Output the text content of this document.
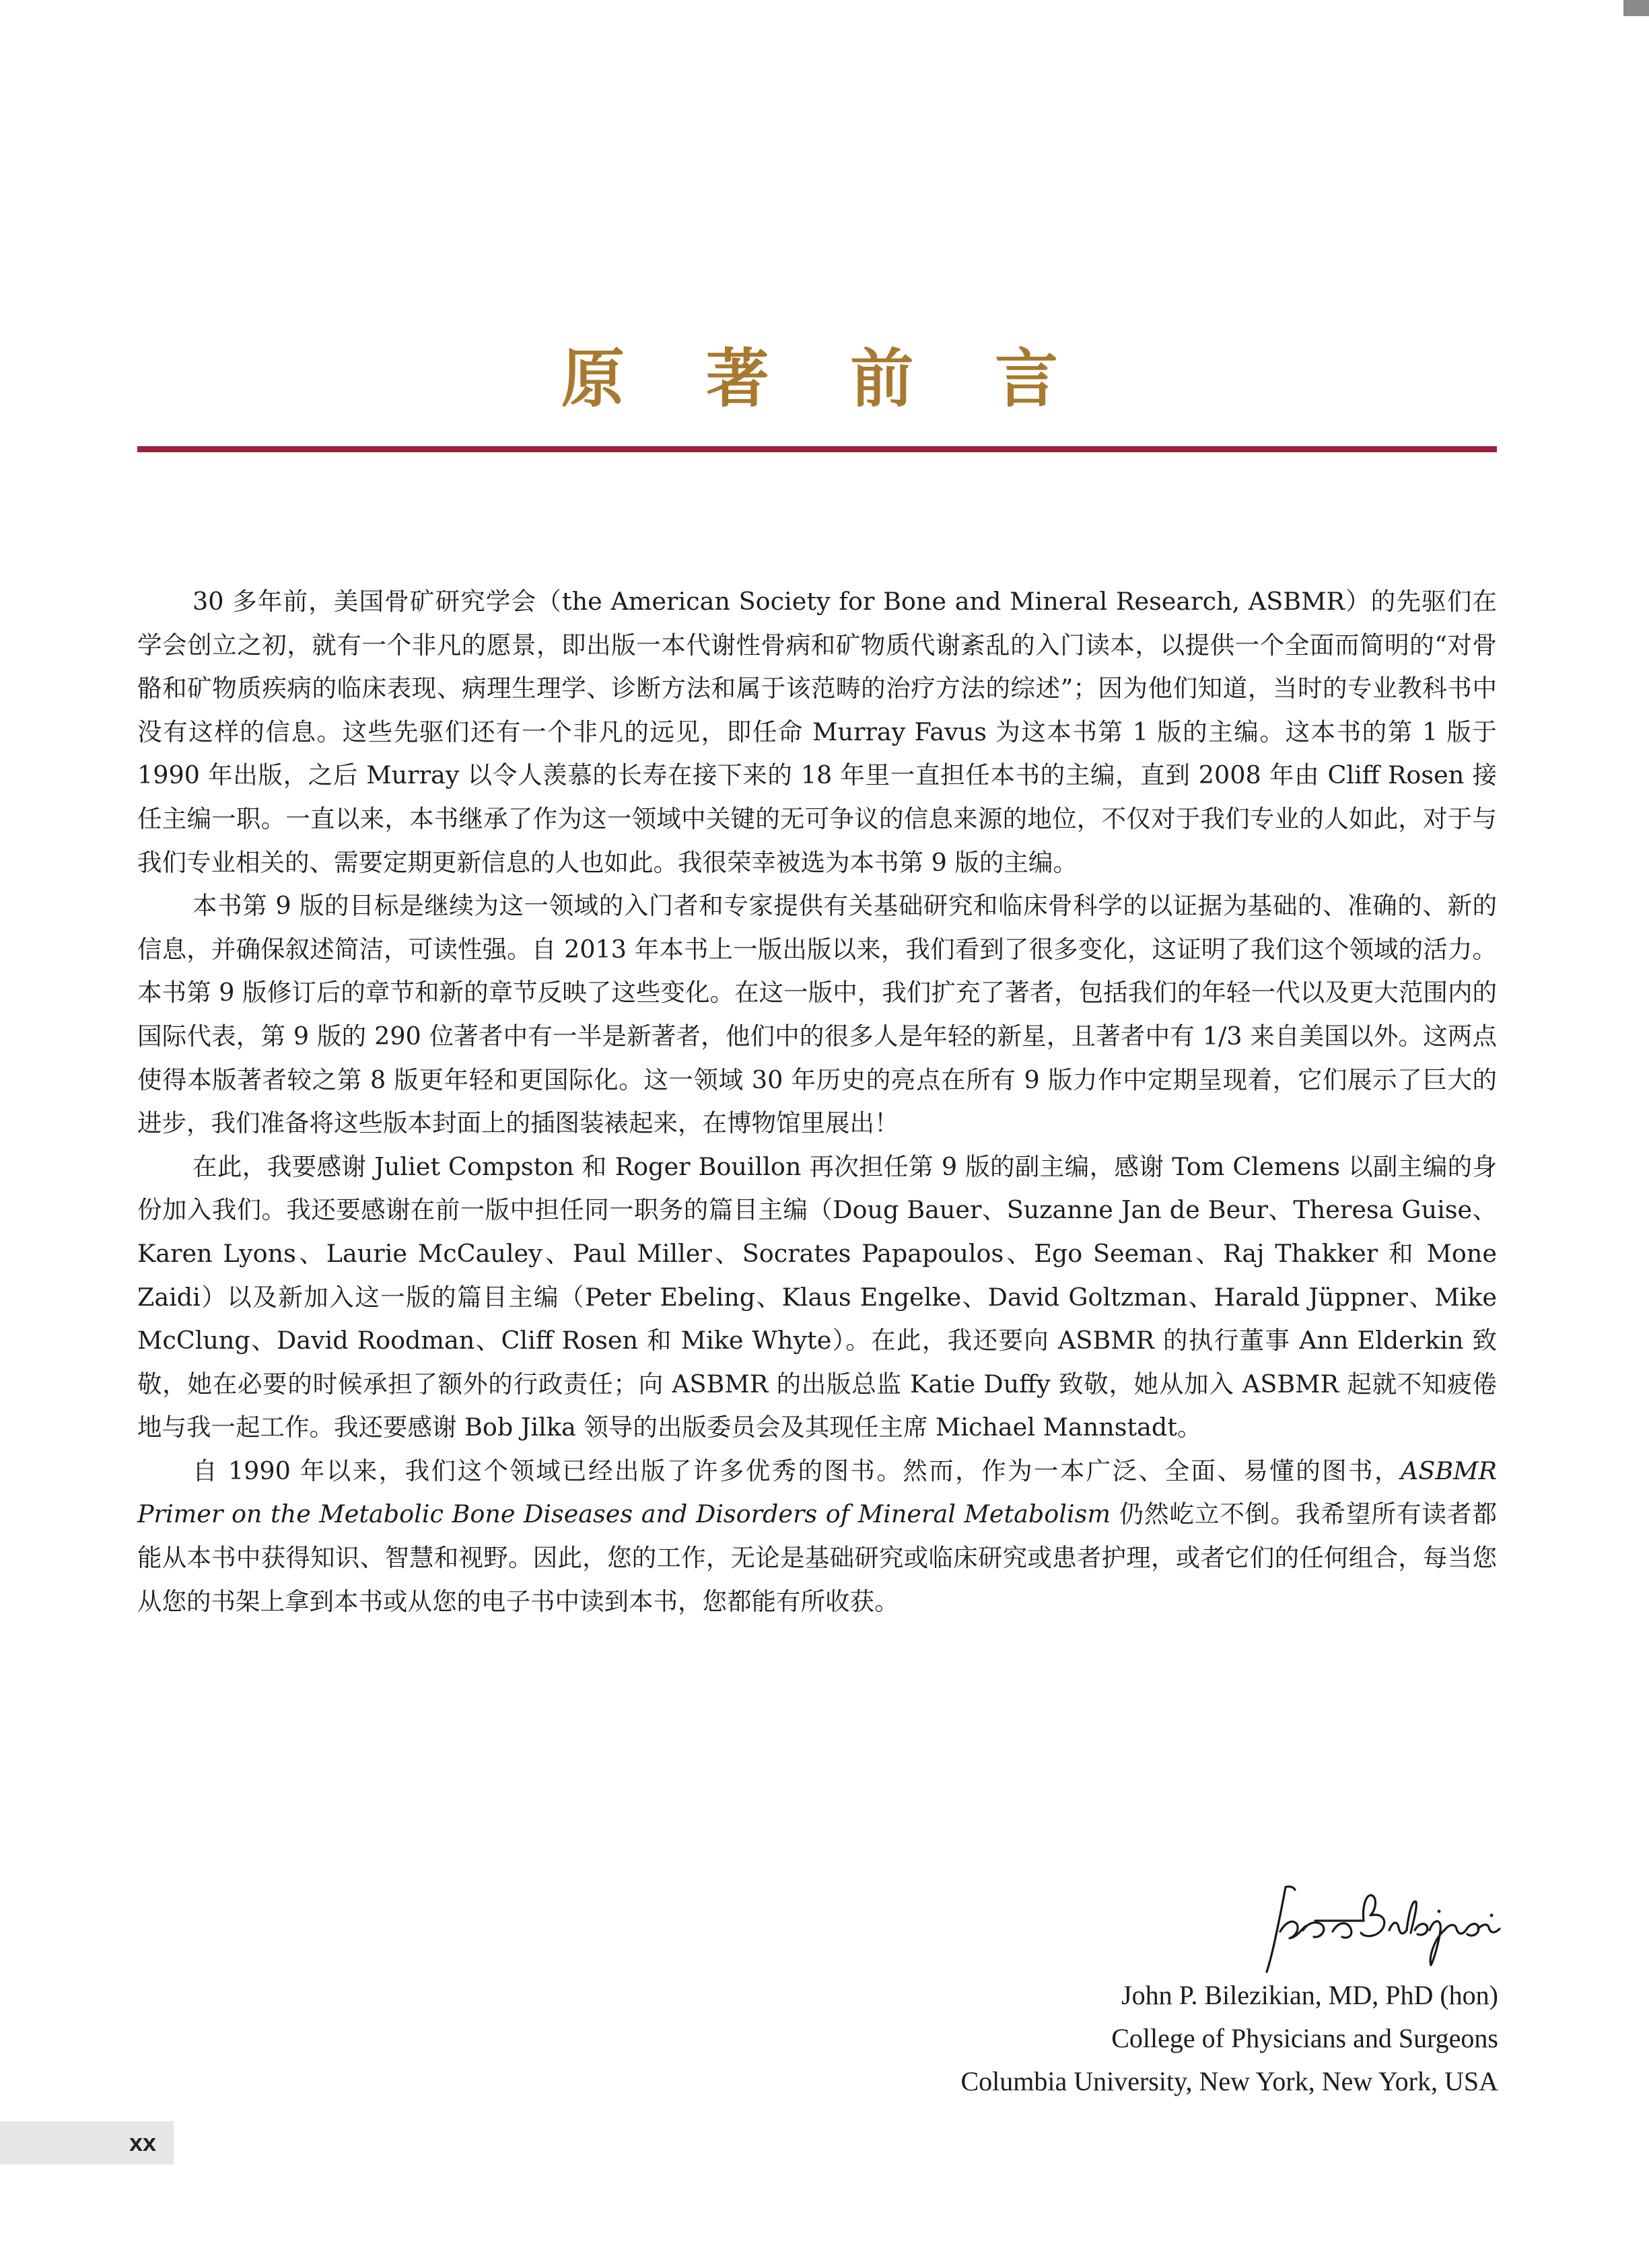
原 著 前 言

30 多年前，美国骨矿研究学会（the American Society for Bone and Mineral Research, ASBMR）的先驱们在学会创立之初，就有一个非凡的愿景，即出版一本代谢性骨病和矿物质代谢紊乱的入门读本，以提供一个全面而简明的“对骨骼和矿物质疾病的临床表现、病理生理学、诊断方法和属于该范畴的治疗方法的综述”；因为他们知道，当时的专业教科书中没有这样的信息。这些先驱们还有一个非凡的远见，即任命 Murray Favus 为这本书第 1 版的主编。这本书的第 1 版于 1990 年出版，之后 Murray 以令人羡慕的长寿在接下来的 18 年里一直担任本书的主编，直到 2008 年由 Cliff Rosen 接任主编一职。一直以来，本书继承了作为这一领域中关键的无可争议的信息来源的地位，不仅对于我们专业的人如此，对于与我们专业相关的、需要定期更新信息的人也如此。我很荣幸被选为本书第 9 版的主编。

本书第 9 版的目标是继续为这一领域的入门者和专家提供有关基础研究和临床骨科学的以证据为基础的、准确的、新的信息，并确保叙述简洁，可读性强。自 2013 年本书上一版出版以来，我们看到了很多变化，这证明了我们这个领域的活力。本书第 9 版修订后的章节和新的章节反映了这些变化。在这一版中，我们扩充了著者，包括我们的年轻一代以及更大范围内的国际代表，第 9 版的 290 位著者中有一半是新著者，他们中的很多人是年轻的新星，且著者中有 1/3 来自美国以外。这两点使得本版著者较之第 8 版更年轻和更国际化。这一领域 30 年历史的亮点在所有 9 版力作中定期呈现着，它们展示了巨大的进步，我们准备将这些版本封面上的插图装裱起来，在博物馆里展出！

在此，我要感谢 Juliet Compston 和 Roger Bouillon 再次担任第 9 版的副主编，感谢 Tom Clemens 以副主编的身份加入我们。我还要感谢在前一版中担任同一职务的篇目主编（Doug Bauer、Suzanne Jan de Beur、Theresa Guise、Karen Lyons、Laurie McCauley、Paul Miller、Socrates Papapoulos、Ego Seeman、Raj Thakker 和 Mone Zaidi）以及新加入这一版的篇目主编（Peter Ebeling、Klaus Engelke、David Goltzman、Harald Jüppner、Mike McClung、David Roodman、Cliff Rosen 和 Mike Whyte）。在此，我还要向 ASBMR 的执行董事 Ann Elderkin 致敬，她在必要的时候承担了额外的行政责任；向 ASBMR 的出版总监 Katie Duffy 致敬，她从加入 ASBMR 起就不知疲倦地与我一起工作。我还要感谢 Bob Jilka 领导的出版委员会及其现任主席 Michael Mannstadt。

自 1990 年以来，我们这个领域已经出版了许多优秀的图书。然而，作为一本广泛、全面、易懂的图书，ASBMR Primer on the Metabolic Bone Diseases and Disorders of Mineral Metabolism 仍然屹立不倒。我希望所有读者都能从本书中获得知识、智慧和视野。因此，您的工作，无论是基础研究或临床研究或患者护理，或者它们的任何组合，每当您从您的书架上拿到本书或从您的电子书中读到本书，您都能有所收获。

John P. Bilezikian, MD, PhD (hon)
College of Physicians and Surgeons
Columbia University, New York, New York, USA
xx
